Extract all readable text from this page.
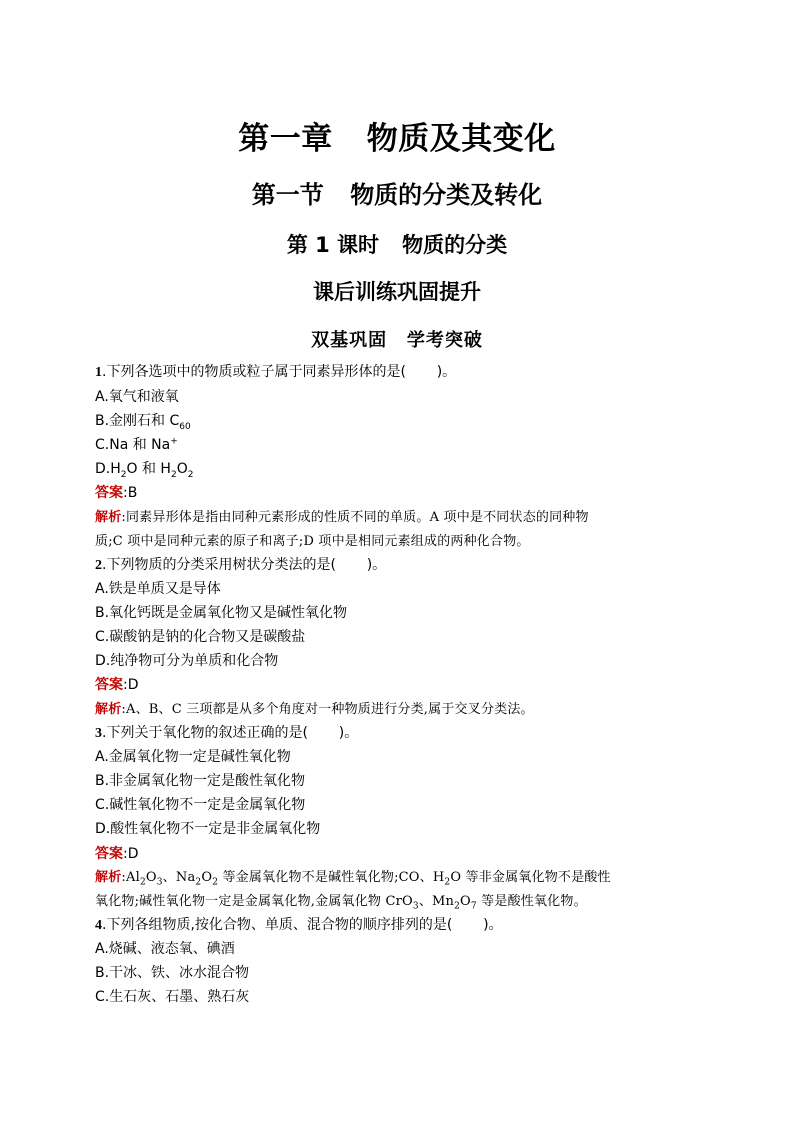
第一章 物质及其变化
第一节 物质的分类及转化
第 1 课时 物质的分类
课后训练巩固提升
双基巩固 学考突破
1.下列各选项中的物质或粒子属于同素异形体的是( )。
A.氧气和液氧
B.金刚石和 $C_{60}$
C.Na 和 Na+
$D.H_2O$ 和 $H_2O_2$
答案:B
解析:同素异形体是指由同种元素形成的性质不同的单质。A 项中是不同状态的同种物
质;C 项中是同种元素的原子和离子;D 项中是相同元素组成的两种化合物。
2.下列物质的分类采用树状分类法的是( )。
A.铁是单质又是导体
B.氧化钙既是金属氧化物又是碱性氧化物
C.碳酸钠是钠的化合物又是碳酸盐
D.纯净物可分为单质和化合物
答案:D
解析:A、B、C 三项都是从多个角度对一种物质进行分类,属于交叉分类法。
3.下列关于氧化物的叙述正确的是( )。
A.金属氧化物一定是碱性氧化物
B.非金属氧化物一定是酸性氧化物
C.碱性氧化物不一定是金属氧化物
D.酸性氧化物不一定是非金属氧化物
答案:D
解析$:Al_2O_3$、$Na_2O_2$ 等金属氧化物不是碱性氧化物;CO、$H_2O$ 等非金属氧化物不是酸性
氧化物;碱性氧化物一定是金属氧化物,金属氧化物 CrO$_3$、$Mn_2O_7$ 等是酸性氧化物。
4.下列各组物质,按化合物、单质、混合物的顺序排列的是( )。
A.烧碱、液态氧、碘酒
B.干冰、铁、冰水混合物
C.生石灰、石墨、熟石灰
